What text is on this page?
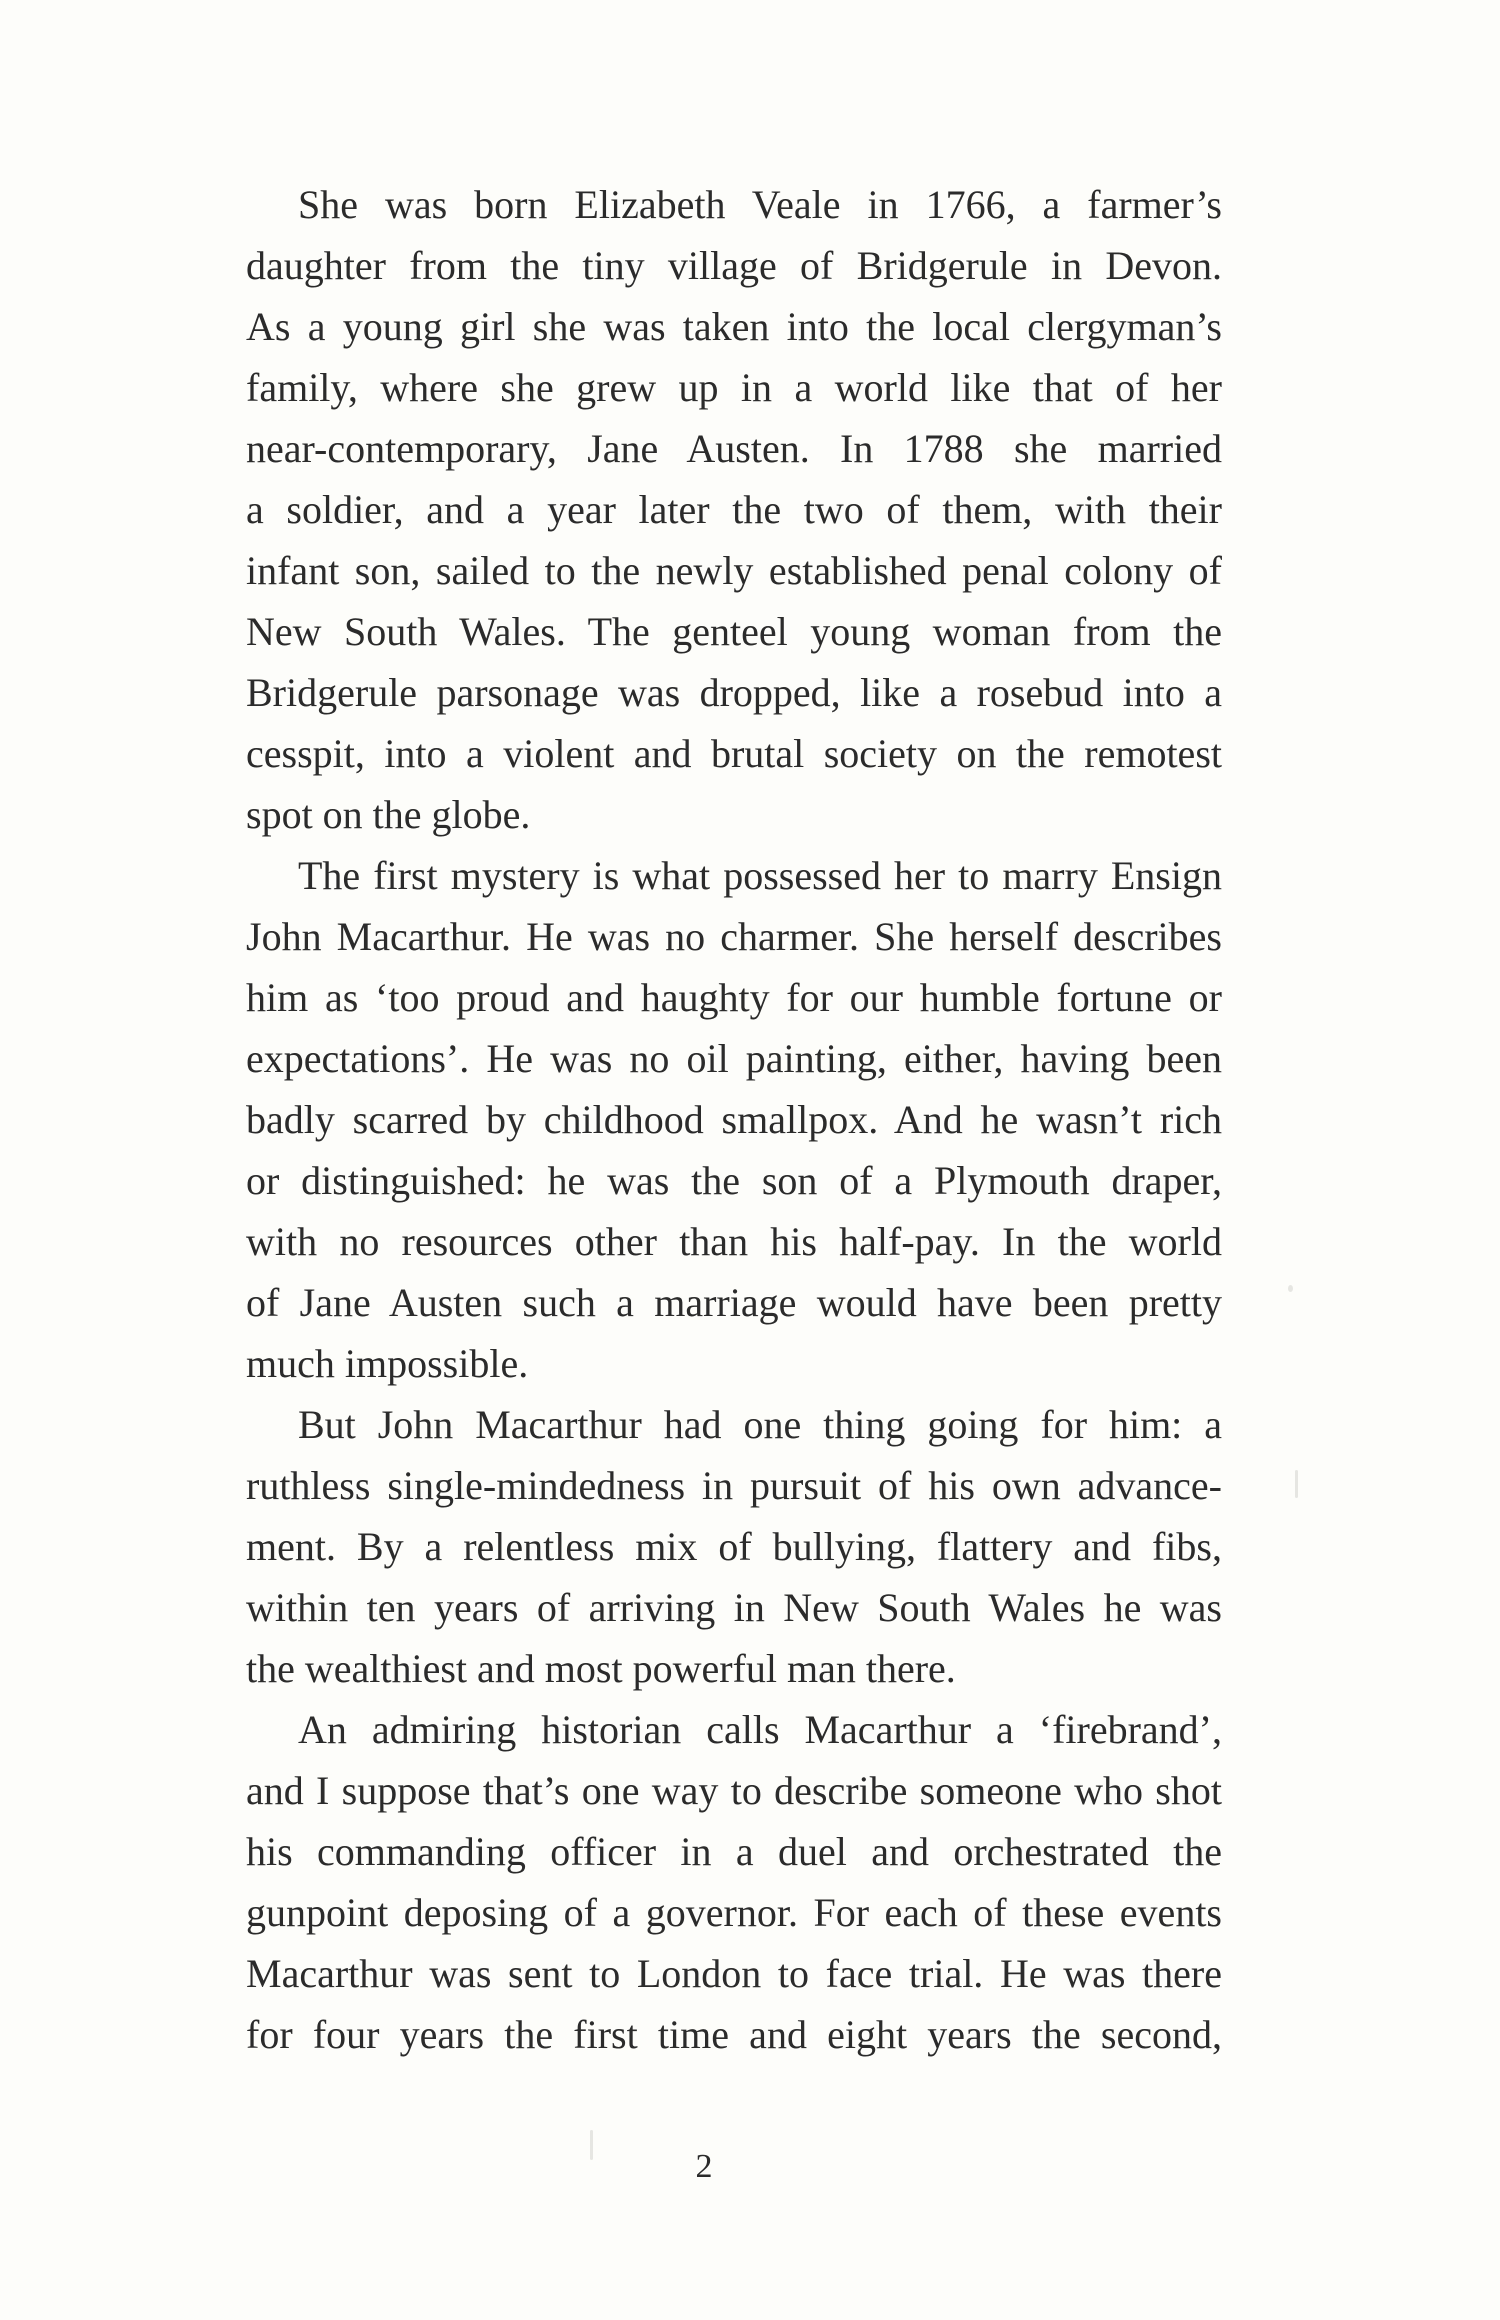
She was born Elizabeth Veale in 1766, a farmer’s
daughter from the tiny village of Bridgerule in Devon.
As a young girl she was taken into the local clergyman’s
family, where she grew up in a world like that of her
near-contemporary, Jane Austen. In 1788 she married
a soldier, and a year later the two of them, with their
infant son, sailed to the newly established penal colony of
New South Wales. The genteel young woman from the
Bridgerule parsonage was dropped, like a rosebud into a
cesspit, into a violent and brutal society on the remotest
spot on the globe.
The first mystery is what possessed her to marry Ensign
John Macarthur. He was no charmer. She herself describes
him as ‘too proud and haughty for our humble fortune or
expectations’. He was no oil painting, either, having been
badly scarred by childhood smallpox. And he wasn’t rich
or distinguished: he was the son of a Plymouth draper,
with no resources other than his half-pay. In the world
of Jane Austen such a marriage would have been pretty
much impossible.
But John Macarthur had one thing going for him: a
ruthless single-mindedness in pursuit of his own advance-
ment. By a relentless mix of bullying, flattery and fibs,
within ten years of arriving in New South Wales he was
the wealthiest and most powerful man there.
An admiring historian calls Macarthur a ‘firebrand’,
and I suppose that’s one way to describe someone who shot
his commanding officer in a duel and orchestrated the
gunpoint deposing of a governor. For each of these events
Macarthur was sent to London to face trial. He was there
for four years the first time and eight years the second,
2
